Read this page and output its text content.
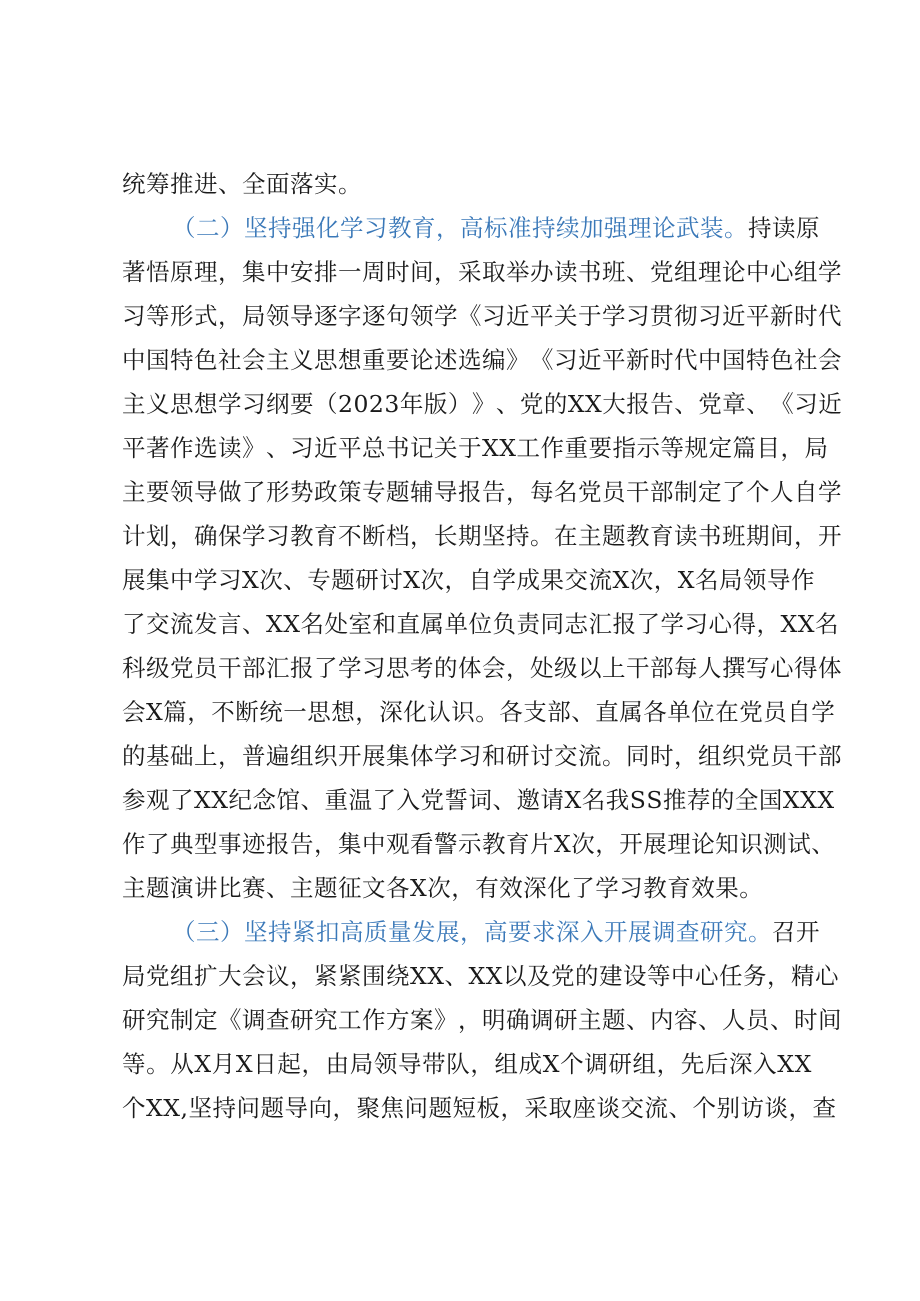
统筹推进、全面落实。
（ 二 ） 坚 持 强 化 学 习 教 育 ， 高 标 准 持 续 加 强 理 论 武 装 。 持 读 原
著 悟 原 理 ， 集 中 安 排 一 周 时 间 ， 采 取 举 办 读 书 班 、 党 组 理 论 中 心 组 学
习 等 形 式 ， 局 领 导 逐 字 逐 句 领 学 《 习 近 平 关 于 学 习 贯 彻 习 近 平 新 时 代
中 国 特 色 社 会 主 义 思 想 重 要 论 述 选 编 》 《 习 近 平 新 时 代 中 国 特 色 社 会
主 义 思 想 学 习 纲 要 （ 2 0 2 3 年 版 ） 》 、 党 的 X X 大 报 告 、 党 章 、 《 习 近
平 著 作 选 读 》 、 习 近 平 总 书 记 关 于 X X 工 作 重 要 指 示 等 规 定 篇 目 ， 局
主 要 领 导 做 了 形 势 政 策 专 题 辅 导 报 告 ， 每 名 党 员 干 部 制 定 了 个 人 自 学
计 划 ， 确 保 学 习 教 育 不 断 档 ， 长 期 坚 持 。 在 主 题 教 育 读 书 班 期 间 ， 开
展 集 中 学 习 X 次 、 专 题 研 讨 X 次 ， 自 学 成 果 交 流 X 次 ， X 名 局 领 导 作
了 交 流 发 言 、 X X 名 处 室 和 直 属 单 位 负 责 同 志 汇 报 了 学 习 心 得 ， X X 名
科 级 党 员 干 部 汇 报 了 学 习 思 考 的 体 会 ， 处 级 以 上 干 部 每 人 撰 写 心 得 体
会 X 篇 ， 不 断 统 一 思 想 ， 深 化 认 识 。 各 支 部 、 直 属 各 单 位 在 党 员 自 学
的 基 础 上 ， 普 遍 组 织 开 展 集 体 学 习 和 研 讨 交 流 。 同 时 ， 组 织 党 员 干 部
参 观 了 X X 纪 念 馆 、 重 温 了 入 党 誓 词 、 邀 请 X 名 我 S S 推 荐 的 全 国 X X X
作 了 典 型 事 迹 报 告 ， 集 中 观 看 警 示 教 育 片 X 次 ， 开 展 理 论 知 识 测 试 、
主题演讲比赛、主题征文各X次，有效深化了学习教育效果。
（ 三 ） 坚 持 紧 扣 高 质 量 发 展 ， 高 要 求 深 入 开 展 调 查 研 究 。 召 开
局 党 组 扩 大 会 议 ， 紧 紧 围 绕 X X 、 X X 以 及 党 的 建 设 等 中 心 任 务 ， 精 心
研 究 制 定 《 调 查 研 究 工 作 方 案 》 ， 明 确 调 研 主 题 、 内 容 、 人 员 、 时 间
等 。 从 X 月 X 日 起 ， 由 局 领 导 带 队 ， 组 成 X 个 调 研 组 ， 先 后 深 入 X X
个 X X , 坚 持 问 题 导 向 ， 聚 焦 问 题 短 板 ， 采 取 座 谈 交 流 、 个 别 访 谈 ， 查
